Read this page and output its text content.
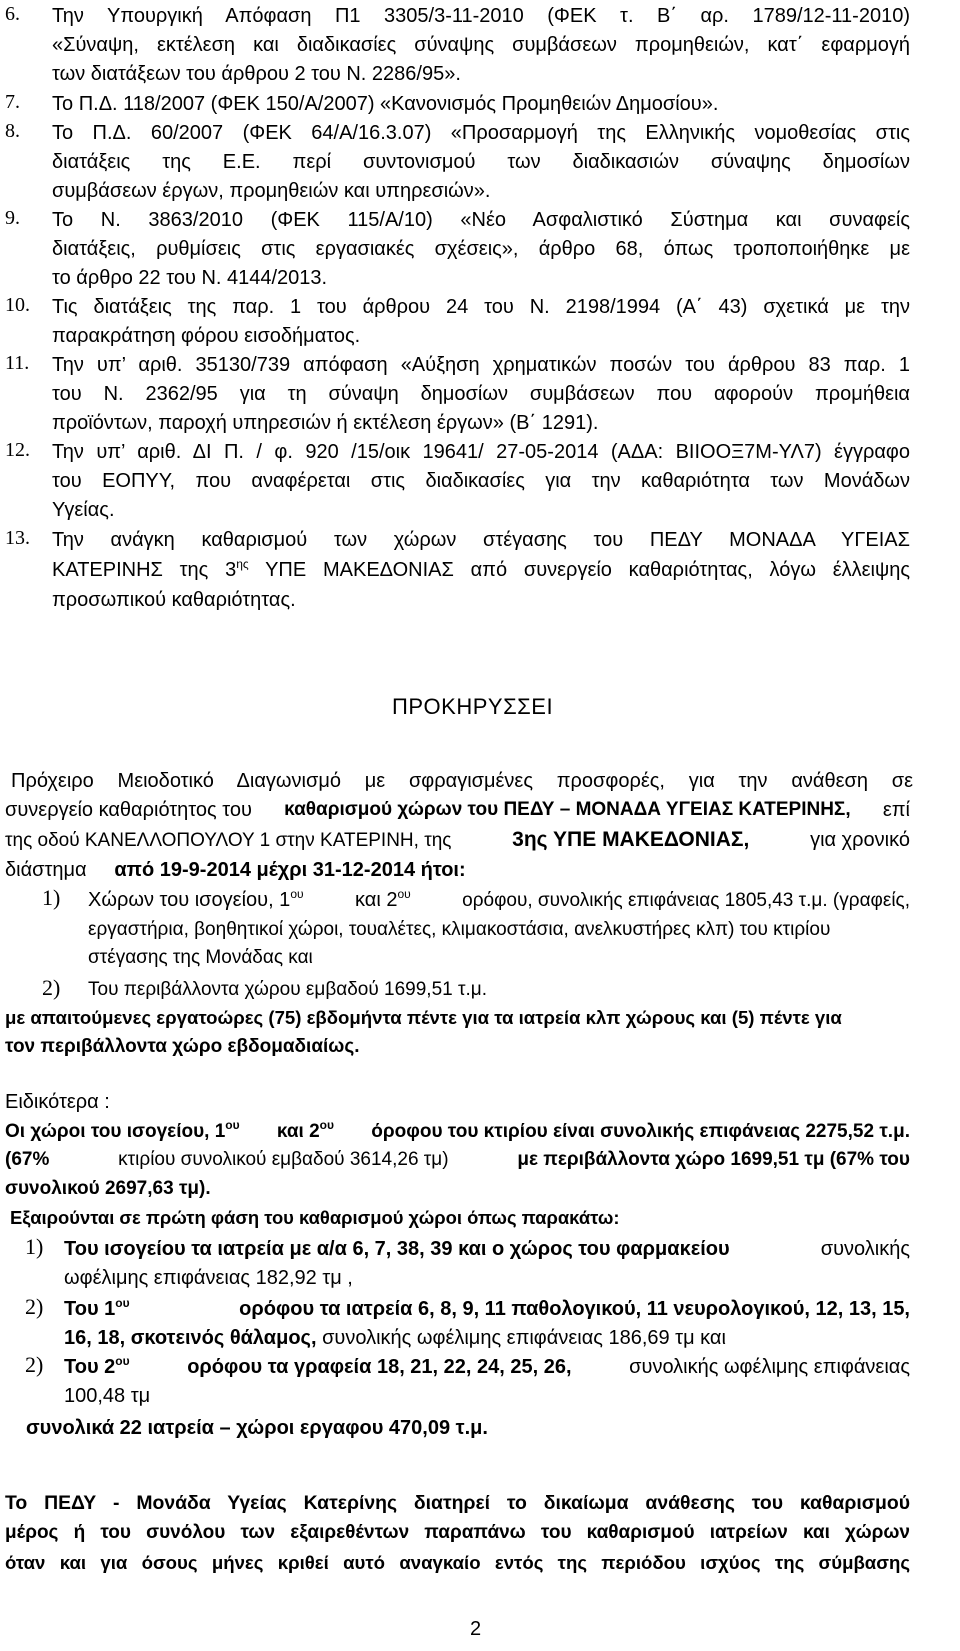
6. Την Υπουργική Απόφαση Π1 3305/3-11-2010 (ΦΕΚ τ. Β΄ αρ. 1789/12-11-2010)
«Σύναψη, εκτέλεση και διαδικασίες σύναψης συμβάσεων προμηθειών, κατ΄ εφαρμογή
των διατάξεων του άρθρου 2 του Ν. 2286/95».
7. Το Π.Δ. 118/2007 (ΦΕΚ 150/Α/2007) «Κανονισμός Προμηθειών Δημοσίου».
8. Το Π.Δ. 60/2007 (ΦΕΚ 64/Α/16.3.07) «Προσαρμογή της Ελληνικής νομοθεσίας στις
διατάξεις της Ε.Ε. περί συντονισμού των διαδικασιών σύναψης δημοσίων
συμβάσεων έργων, προμηθειών και υπηρεσιών».
9. Το Ν. 3863/2010 (ΦΕΚ 115/Α/10) «Νέο Ασφαλιστικό Σύστημα και συναφείς
διατάξεις, ρυθμίσεις στις εργασιακές σχέσεις», άρθρο 68, όπως τροποποιήθηκε με
το άρθρο 22 του Ν. 4144/2013.
10. Τις διατάξεις της παρ. 1 του άρθρου 24 του Ν. 2198/1994 (Α΄ 43) σχετικά με την
παρακράτηση φόρου εισοδήματος.
11. Την υπ’ αριθ. 35130/739 απόφαση «Αύξηση χρηματικών ποσών του άρθρου 83 παρ. 1
του Ν. 2362/95 για τη σύναψη δημοσίων συμβάσεων που αφορούν προμήθεια
προϊόντων, παροχή υπηρεσιών ή εκτέλεση έργων» (Β΄ 1291).
12. Την υπ’ αριθ. ΔΙ Π. / φ. 920 /15/οικ 19641/ 27-05-2014 (ΑΔΑ: ΒΙΙΟΟΞ7Μ-ΥΛ7) έγγραφο
του ΕΟΠΥΥ, που αναφέρεται στις διαδικασίες για την καθαριότητα των Μονάδων
Υγείας.
13. Την ανάγκη καθαρισμού των χώρων στέγασης του ΠΕΔΥ ΜΟΝΑΔΑ ΥΓΕΙΑΣ
ΚΑΤΕΡΙΝΗΣ της $3^{\eta\varsigma}$ ΥΠΕ ΜΑΚΕΔΟΝΙΑΣ από συνεργείο καθαριότητας, λόγω έλλειψης
προσωπικού καθαριότητας.
ΠΡΟΚΗΡΥΣΣΕΙ
Πρόχειρο Μειοδοτικό Διαγωνισμό με σφραγισμένες προσφορές, για την ανάθεση σε
συνεργείο καθαριότητος του καθαρισμού χώρων του ΠΕΔΥ – ΜΟΝΑΔΑ ΥΓΕΙΑΣ ΚΑΤΕΡΙΝΗΣ, επί
της οδού ΚΑΝΕΛΛΟΠΟΥΛΟΥ 1 στην ΚΑΤΕΡΙΝΗ, της	3ης ΥΠΕ ΜΑΚΕΔΟΝΙΑΣ,	για χρονικό
διάστημα από 19-9-2014 μέχρι 31-12-2014 ήτοι:
1) Χώρων του ισογείου, $1^{o\upsilon}$	και $2^{o\upsilon}$	ορόφου, συνολικής επιφάνειας 1805,43 τ.μ. (γραφείς,
εργαστήρια, βοηθητικοί χώροι, τουαλέτες, κλιμακοστάσια, ανελκυστήρες κλπ) του κτιρίου
στέγασης της Μονάδας και
2) Του περιβάλλοντα χώρου εμβαδού 1699,51 τ.μ.
με απαιτούμενες εργατοώρες (75) εβδομήντα πέντε για τα ιατρεία κλπ χώρους και (5) πέντε για
τον περιβάλλοντα χώρο εβδομαδιαίως.
Ειδικότερα :
Οι χώροι του ισογείου, $1^{o\upsilon}$ και $2^{o\upsilon}$ όροφου του κτιρίου είναι συνολικής επιφάνειας 2275,52 τ.μ.
(67%	κτιρίου συνολικού εμβαδού 3614,26 τμ)	με περιβάλλοντα χώρο 1699,51 τμ (67% του
συνολικού 2697,63 τμ).
Εξαιρούνται σε πρώτη φάση του καθαρισμού χώροι όπως παρακάτω:
1) Του ισογείου τα ιατρεία με α/α 6, 7, 38, 39 και ο χώρος του φαρμακείου	συνολικής
ωφέλιμης επιφάνειας 182,92 τμ ,
2) Του $1^{o\upsilon}$	ορόφου τα ιατρεία 6, 8, 9, 11 παθολογικού, 11 νευρολογικού, 12, 13, 15,
16, 18, σκοτεινός θάλαμος, συνολικής ωφέλιμης επιφάνειας 186,69 τμ και
2) Του $2^{o\upsilon}$	ορόφου τα γραφεία 18, 21, 22, 24, 25, 26,	συνολικής ωφέλιμης επιφάνειας
100,48 τμ
συνολικά 22 ιατρεία – χώροι εργαφου 470,09 τ.μ.
Το ΠΕΔΥ - Μονάδα Υγείας Κατερίνης διατηρεί το δικαίωμα ανάθεσης του καθαρισμού
μέρος ή του συνόλου των εξαιρεθέντων παραπάνω του καθαρισμού ιατρείων και χώρων
όταν και για όσους μήνες κριθεί αυτό αναγκαίο εντός της περιόδου ισχύος της σύμβασης
2
